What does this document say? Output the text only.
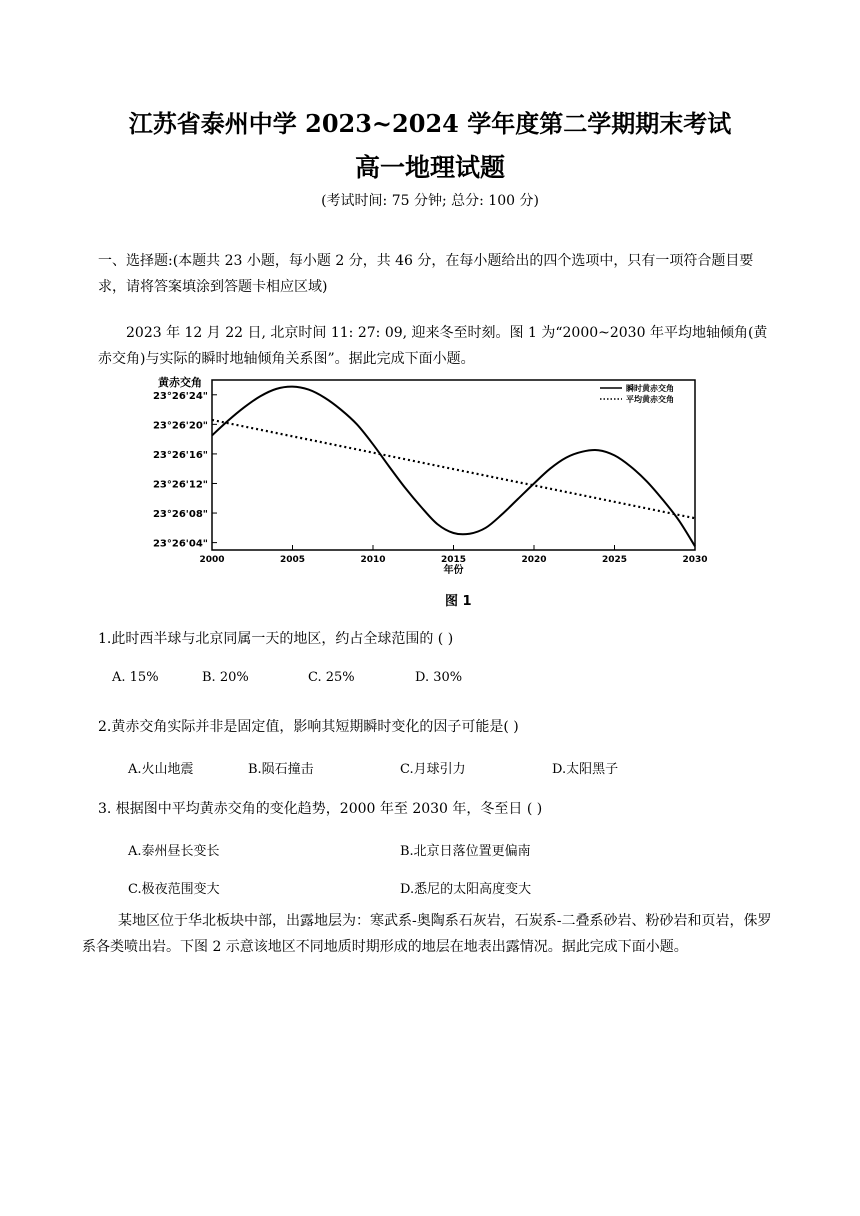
江苏省泰州中学 2023~2024 学年度第二学期期末考试
高一地理试题
(考试时间: 75 分钟; 总分: 100 分)
一、选择题:(本题共 23 小题，每小题 2 分，共 46 分，在每小题给出的四个选项中，只有一项符合题目要求，请将答案填涂到答题卡相应区域)
2023 年 12 月 22 日, 北京时间 11: 27: 09, 迎来冬至时刻。图 1 为“2000~2030 年平均地轴倾角(黄赤交角)与实际的瞬时地轴倾角关系图”。据此完成下面小题。
黄赤交角
23°26'24"
23°26'20"
23°26'16"
23°26'12"
23°26'08"
23°26'04"
2000	2005	2010	2015	2020	2025	2030
年份
瞬时黄赤交角
平均黄赤交角
图 1
1.此时西半球与北京同属一天的地区，约占全球范围的 ( )
A. 15%	B. 20%	C. 25%	D. 30%
2.黄赤交角实际并非是固定值，影响其短期瞬时变化的因子可能是( )
A.火山地震	B.陨石撞击	C.月球引力	D.太阳黑子
3. 根据图中平均黄赤交角的变化趋势，2000 年至 2030 年，冬至日 ( )
A.泰州昼长变长	B.北京日落位置更偏南
C.极夜范围变大	D.悉尼的太阳高度变大
某地区位于华北板块中部，出露地层为：寒武系-奥陶系石灰岩，石炭系-二叠系砂岩、粉砂岩和页岩，侏罗系各类喷出岩。下图 2 示意该地区不同地质时期形成的地层在地表出露情况。据此完成下面小题。
